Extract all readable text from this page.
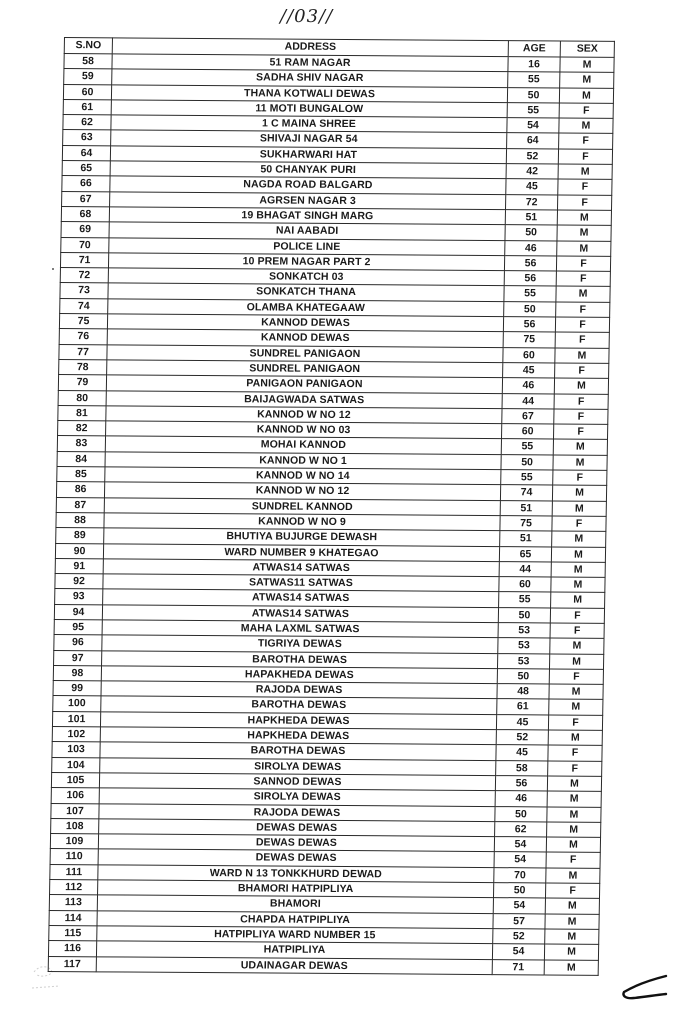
//03//
S.NO	ADDRESS	AGE	SEX
58	51 RAM NAGAR	16	M
59	SADHA SHIV NAGAR	55	M
60	THANA KOTWALI DEWAS	50	M
61	11 MOTI BUNGALOW	55	F
62	1 C MAINA SHREE	54	M
63	SHIVAJI NAGAR 54	64	F
64	SUKHARWARI HAT	52	F
65	50 CHANYAK PURI	42	M
66	NAGDA ROAD BALGARD	45	F
67	AGRSEN NAGAR 3	72	F
68	19 BHAGAT SINGH MARG	51	M
69	NAI AABADI	50	M
70	POLICE LINE	46	M
71	10 PREM NAGAR PART 2	56	F
72	SONKATCH 03	56	F
73	SONKATCH THANA	55	M
74	OLAMBA KHATEGAAW	50	F
75	KANNOD DEWAS	56	F
76	KANNOD DEWAS	75	F
77	SUNDREL PANIGAON	60	M
78	SUNDREL PANIGAON	45	F
79	PANIGAON PANIGAON	46	M
80	BAIJAGWADA SATWAS	44	F
81	KANNOD W NO 12	67	F
82	KANNOD W NO 03	60	F
83	MOHAI KANNOD	55	M
84	KANNOD W NO 1	50	M
85	KANNOD W NO 14	55	F
86	KANNOD W NO 12	74	M
87	SUNDREL KANNOD	51	M
88	KANNOD W NO 9	75	F
89	BHUTIYA BUJURGE DEWASH	51	M
90	WARD NUMBER 9 KHATEGAO	65	M
91	ATWAS14 SATWAS	44	M
92	SATWAS11 SATWAS	60	M
93	ATWAS14 SATWAS	55	M
94	ATWAS14 SATWAS	50	F
95	MAHA LAXML SATWAS	53	F
96	TIGRIYA DEWAS	53	M
97	BAROTHA DEWAS	53	M
98	HAPAKHEDA DEWAS	50	F
99	RAJODA DEWAS	48	M
100	BAROTHA DEWAS	61	M
101	HAPKHEDA DEWAS	45	F
102	HAPKHEDA DEWAS	52	M
103	BAROTHA DEWAS	45	F
104	SIROLYA DEWAS	58	F
105	SANNOD DEWAS	56	M
106	SIROLYA DEWAS	46	M
107	RAJODA DEWAS	50	M
108	DEWAS DEWAS	62	M
109	DEWAS DEWAS	54	M
110	DEWAS DEWAS	54	F
111	WARD N 13 TONKKHURD DEWAD	70	M
112	BHAMORI HATPIPLIYA	50	F
113	BHAMORI	54	M
114	CHAPDA HATPIPLIYA	57	M
115	HATPIPLIYA WARD NUMBER 15	52	M
116	HATPIPLIYA	54	M
117	UDAINAGAR DEWAS	71	M
